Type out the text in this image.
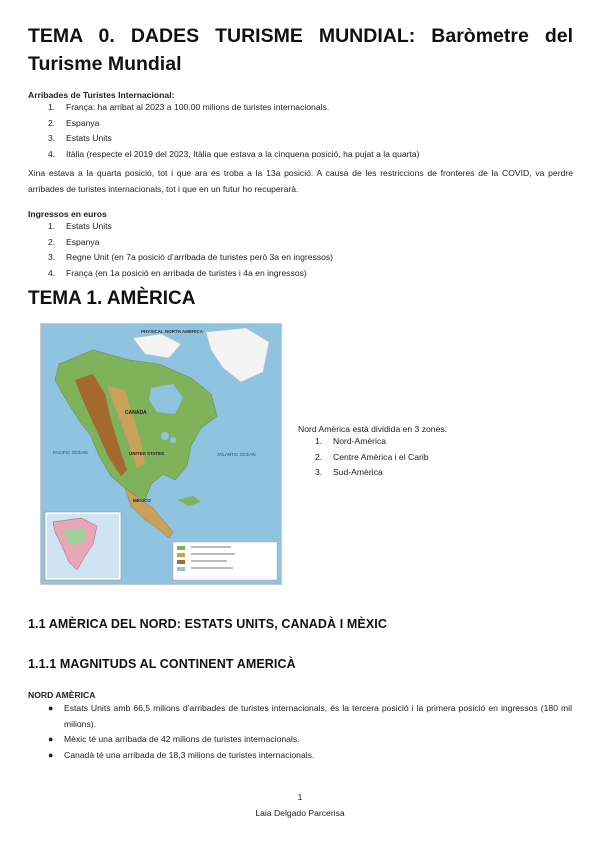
TEMA 0. DADES TURISME MUNDIAL: Baròmetre del Turisme Mundial

Arribades de Turistes Internacional:

1. França: ha arribat al 2023 a 100.00 milions de turistes internacionals.
2. Espanya
3. Estats Units
4. Itàlia (respecte el 2019 del 2023, Itàlia que estava a la cinquena posició, ha pujat a la quarta)

Xina estava a la quarta posició, tot i que ara es troba a la 13a posició. A causa de les restriccions de fronteres de la COVID, va perdre arribades de turistes internacionals, tot i que en un futur ho recuperarà.

Ingressos en euros

1. Estats Units
2. Espanya
3. Regne Unit (en 7a posició d’arribada de turistes però 3a en ingressos)
4. França (en 1a posició en arribada de turistes i 4a en ingressos)
TEMA 1. AMÈRICA
PHYSICAL NORTH AMERICA
CANADA
UNITED STATES
MEXICO
PACIFIC OCEAN	ATLANTIC OCEAN

Nord Amèrica està dividida en 3 zones:

1. Nord-Amèrica
2. Centre Amèrica i el Carib
3. Sud-Amèrica
1.1 AMÈRICA DEL NORD: ESTATS UNITS, CANADÀ I MÈXIC
1.1.1 MAGNITUDS AL CONTINENT AMERICÀ

NORD AMÈRICA

● Estats Units amb 66,5 milions d’arribades de turistes internacionals, és la tercera posició i la primera posició en ingressos (180 mil milions).
● Mèxic té una arribada de 42 milions de turistes internacionals.
● Canadà té una arribada de 18,3 milions de turistes internacionals.

1

Laia Delgado Parcerisa
